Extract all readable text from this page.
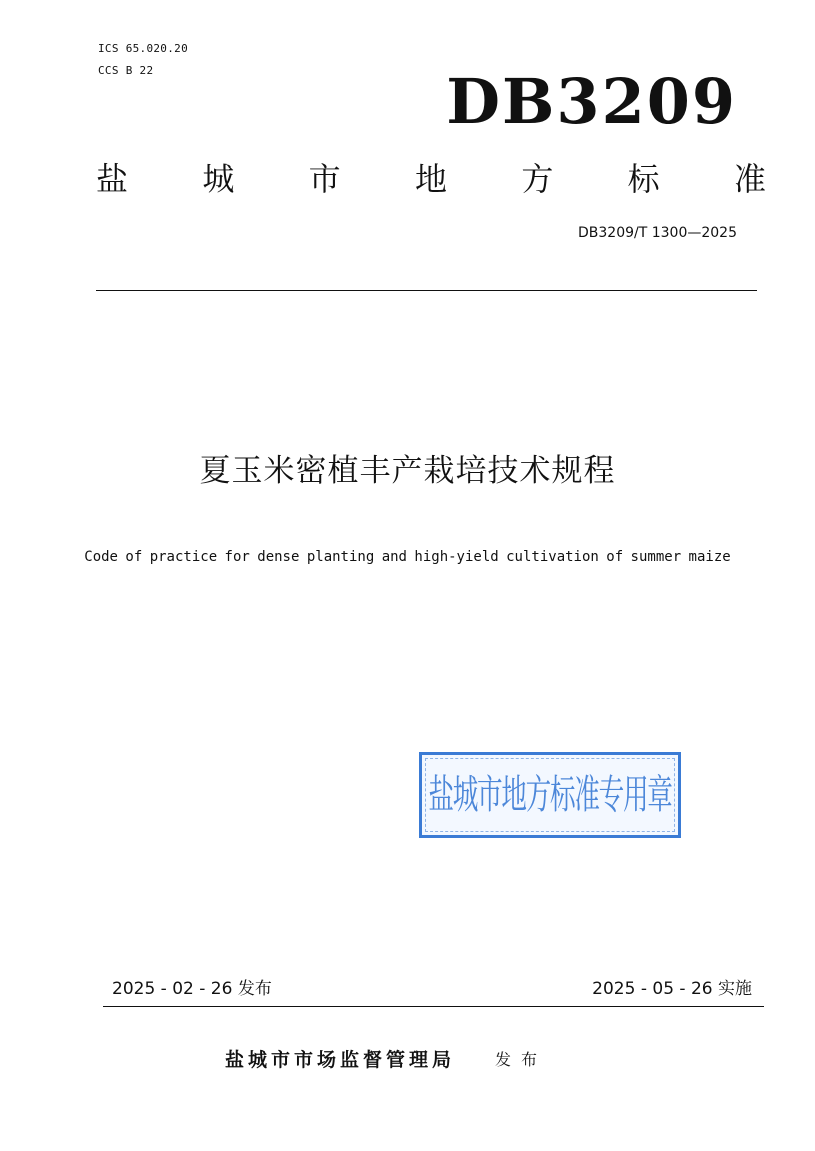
ICS 65.020.20
CCS B 22	DB3209
盐 城 市 地 方 标 准
DB3209/T 1300—2025
夏玉米密植丰产栽培技术规程
Code of practice for dense planting and high-yield cultivation of summer maize
盐城市地方标准专用章
2025 - 02 - 26 发布	2025 - 05 - 26 实施
盐城市市场监督管理局	发布
